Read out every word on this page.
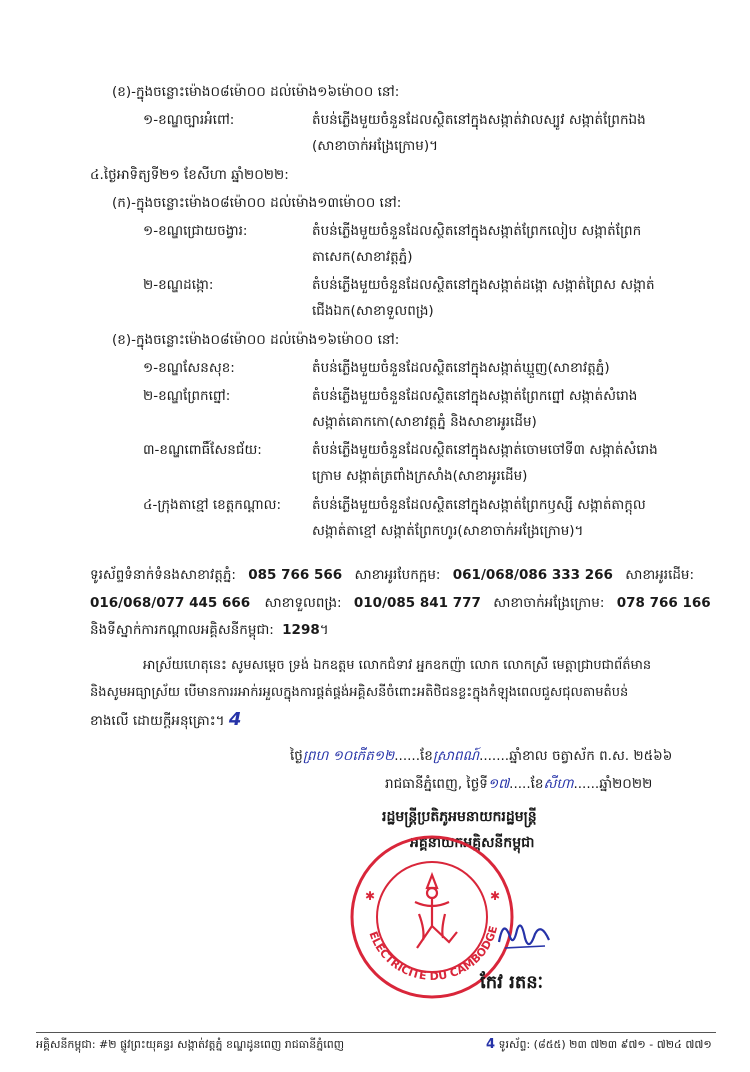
(ខ)-ក្នុងចន្លោះម៉ោង០៨ម៉ោ០០ ដល់ម៉ោង១៦ម៉ោ០០ នៅ:
១-ខណ្ឌច្បារអំពៅ:	តំបន់ភ្លើងមួយចំនួនដែលស្ថិតនៅក្នុងសង្កាត់វាលស្បូវ សង្កាត់ព្រែកឯង
(សាខាចាក់អង្រែក្រោម)។
៤.ថ្ងៃអាទិត្យទី២១ ខែសីហា ឆ្នាំ២០២២:
(ក)-ក្នុងចន្លោះម៉ោង០៨ម៉ោ០០ ដល់ម៉ោង១៣ម៉ោ០០ នៅ:
១-ខណ្ឌជ្រោយចង្វារ:	តំបន់ភ្លើងមួយចំនួនដែលស្ថិតនៅក្នុងសង្កាត់ព្រែកលៀប សង្កាត់ព្រែក
តាសេក(សាខាវត្តភ្នំ)
២-ខណ្ឌដង្កោ:	តំបន់ភ្លើងមួយចំនួនដែលស្ថិតនៅក្នុងសង្កាត់ដង្កោ សង្កាត់ព្រៃស សង្កាត់
ជើងឯក(សាខាទួលពង្រ)
(ខ)-ក្នុងចន្លោះម៉ោង០៨ម៉ោ០០ ដល់ម៉ោង១៦ម៉ោ០០ នៅ:
១-ខណ្ឌសែនសុខ:	តំបន់ភ្លើងមួយចំនួនដែលស្ថិតនៅក្នុងសង្កាត់ឃ្មួញ(សាខាវត្តភ្នំ)
២-ខណ្ឌព្រែកព្នៅ:	តំបន់ភ្លើងមួយចំនួនដែលស្ថិតនៅក្នុងសង្កាត់ព្រែកព្នៅ សង្កាត់សំរោង
សង្កាត់គោកកោ(សាខាវត្តភ្នំ និងសាខាអូរដើម)
៣-ខណ្ឌពោធិ៍សែនជ័យ:	តំបន់ភ្លើងមួយចំនួនដែលស្ថិតនៅក្នុងសង្កាត់ចោមចៅទី៣ សង្កាត់សំរោង
ក្រោម សង្កាត់ត្រពាំងក្រសាំង(សាខាអូរដើម)
៤-ក្រុងតាខ្មៅ ខេត្តកណ្តាល: តំបន់ភ្លើងមួយចំនួនដែលស្ថិតនៅក្នុងសង្កាត់ព្រែកឫស្សី សង្កាត់តាក្តុល
សង្កាត់តាខ្មៅ សង្កាត់ព្រែកហូរ(សាខាចាក់អង្រែក្រោម)។
ទូរស័ព្ទទំនាក់ទំនងសាខាវត្តភ្នំ: 085 766 566 សាខាអូរបែកក្អម: 061/068/086 333 266 សាខាអូរដើម:
016/068/077 445 666 សាខាទួលពង្រ: 010/085 841 777 សាខាចាក់អង្រែក្រោម: 078 766 166
និងទីស្នាក់ការកណ្តាលអគ្គិសនីកម្ពុជា: 1298។
អាស្រ័យហេតុនេះ សូមសម្តេច ទ្រង់ ឯកឧត្តម លោកជំទាវ អ្នកឧកញ៉ា លោក លោកស្រី មេត្តាជ្រាបជាព័ត៌មាន
និងសូមអធ្យាស្រ័យ បើមានការរអាក់រអួលក្នុងការផ្គត់ផ្គង់អគ្គិសនីចំពោះអតិថិជនខ្លះក្នុងកំឡុងពេលជួសជុលតាមតំបន់
ខាងលើ ដោយក្តីអនុគ្រោះ។ 4
ថ្ងៃព្រហ ១០កើត១២......ខែស្រាពណ៍.......ឆ្នាំខាល ចត្វាស័ក ព.ស. ២៥៦៦
រាជធានីភ្នំពេញ, ថ្ងៃទី១៧.....ខែសីហា......ឆ្នាំ២០២២
រដ្ឋមន្ត្រីប្រតិភូអមនាយករដ្ឋមន្ត្រី
អគ្គនាយកអគ្គិសនីកម្ពុជា
ELECTRICITE DU CAMBODGE
✱	✱
កែវ រតនៈ
អគ្គិសនីកម្ពុជា: #២ ផ្លូវព្រះយុគន្ធរ សង្កាត់វត្តភ្នំ ខណ្ឌដូនពេញ រាជធានីភ្នំពេញ	4 ទូរស័ព្ទ: (៨៥៥) ២៣ ៧២៣ ៩៧១ - ៧២៤ ៧៧១
